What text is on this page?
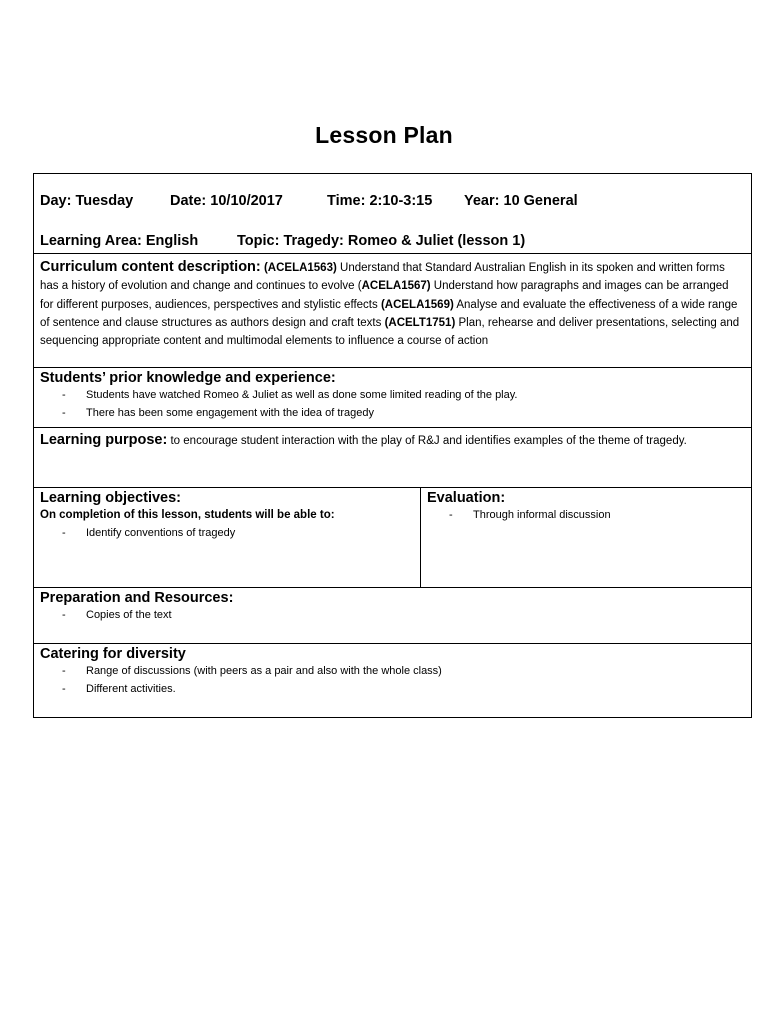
Lesson Plan
Day: Tuesday	Date: 10/10/2017	Time: 2:10-3:15 Year: 10 General
Learning Area: English	Topic: Tragedy: Romeo & Juliet (lesson 1)
Curriculum content description: (ACELA1563) Understand that Standard Australian English in its spoken and written forms has a history of evolution and change and continues to evolve (ACELA1567) Understand how paragraphs and images can be arranged for different purposes, audiences, perspectives and stylistic effects (ACELA1569) Analyse and evaluate the effectiveness of a wide range of sentence and clause structures as authors design and craft texts (ACELT1751) Plan, rehearse and deliver presentations, selecting and sequencing appropriate content and multimodal elements to influence a course of action
Students’ prior knowledge and experience:
- Students have watched Romeo & Juliet as well as done some limited reading of the play.
- There has been some engagement with the idea of tragedy
Learning purpose: to encourage student interaction with the play of R&J and identifies examples of the theme of tragedy.
Learning objectives:
On completion of this lesson, students will be able to:
- Identify conventions of tragedy
Evaluation:
- Through informal discussion
Preparation and Resources:
- Copies of the text
Catering for diversity
- Range of discussions (with peers as a pair and also with the whole class)
- Different activities.
